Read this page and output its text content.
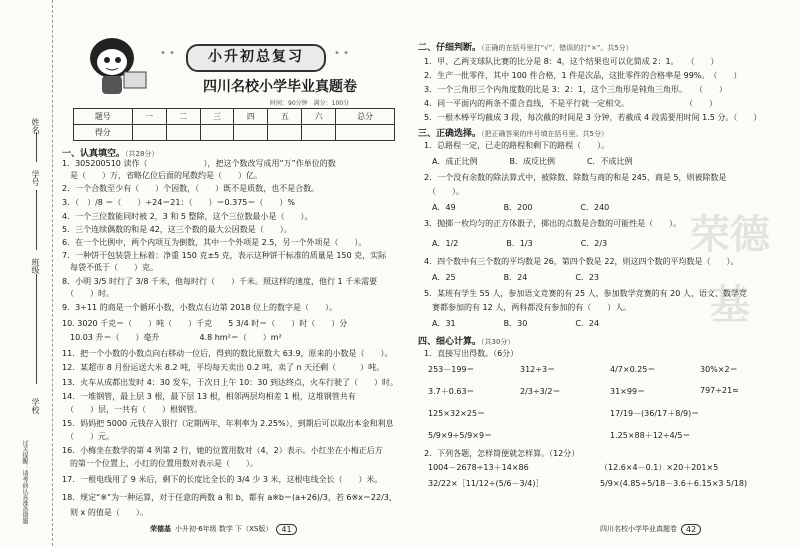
姓名
学号
班级
学校
过关提醒：请考前认真准备错题
• •	• •
小升初总复习
四川名校小学毕业真题卷
时间：90分钟　满分：100分
题号	一	二	三	四	五	六	总分
得分							
一、认真填空。（共28分）
1．305200510 读作（　　　　　　　），把这个数改写成用“万”作单位的数
　是（　　）万，省略亿位后面的尾数约是（　　）亿。
2．一个合数至少有（　　）个因数，（　　）既不是质数，也不是合数。
3．（　）/8 ＝（　　）÷24＝21：（　　）＝0.375＝（　　）%
4．一个三位数能同时被 2，3 和 5 整除，这个三位数最小是（　　）。
5．三个连续偶数的和是 42，这三个数的最大公因数是（　　）。
6．在一个比例中，两个内项互为倒数，其中一个外项是 2.5，另一个外项是（　　）。
7．一种饼干包装袋上标着：净重 150 克±5 克，表示这种饼干标准的质量是 150 克，实际
　每袋不低于（　　）克。
8．小明 3/5 时行了 3/8 千米，他每时行（　　）千米。照这样的速度，他行 1 千米需要
　（　　）时。
9．3÷11 的商是一个循环小数，小数点右边第 2018 位上的数字是（　　）。
10. 3020 千克＝（　　）吨（　　）千克　　5 3/4 时＝（　　）时（　　）分
　10.03 升＝（　　）毫升　　　　　4.8 hm²＝（　　）m²
11．把一个小数的小数点向右移动一位后，得到的数比原数大 63.9，原来的小数是（　　）。
12．某超市 8 月份运送大米 8.2 吨，平均每天卖出 0.2 吨，卖了 n 天还剩（　　　）吨。
13．火车从成都出发时 4：30 发车，于次日上午 10：30 到达终点，火车行驶了（　　）时。
14．一堆钢管，最上层 3 根，最下层 13 根，相邻两层均相差 1 根，这堆钢管共有
　（　　）层，一共有（　　）根钢管。
15．妈妈把 5000 元钱存入银行（定期两年，年利率为 2.25%），到期后可以取出本金和利息
　（　　）元。
16．小梅坐在数学的第 4 列第 2 行，她的位置用数对（4，2）表示。小红坐在小梅正后方
　的第一个位置上，小红的位置用数对表示是（　　）。
17．一根电线用了 9 米后，剩下的长度比全长的 3/4 少 3 米，这根电线全长（　　）米。
18．规定“※”为一种运算，对于任意的两数 a 和 b，都有 a※b＝(a+26)/3，若 6※x＝22/3，
　则 x 的值是（　　）。
荣德基 小升初·6年级 数学 下（XS版）	41
荣德基
二、仔细判断。（正确的在括号里打“√”，错误的打“×”。共5分）
1．甲、乙两支球队比赛的比分是 8：4，这个结果也可以化简成 2：1。　　（　　）
2．生产一批零件，其中 100 件合格，1 件是次品，这批零件的合格率是 99%。　（　　）
3．一个三角形三个内角度数的比是 3：2：1，这个三角形是钝角三角形。　　（　　）
4．同一平面内的两条不重合直线，不是平行就一定相交。　　　　　　　　（　　）
5．一根木棒平均截成 3 段，每次截的时间是 3 分钟，若截成 4 段需要用时间 1.5 分。（　　）
三、正确选择。（把正确答案的序号填在括号里。共5分）
1．总路程一定，已走的路程和剩下的路程（　　）。
　A．成正比例　　　　B．成反比例　　　　C．不成比例
2．一个没有余数的除法算式中，被除数、除数与商的和是 245，商是 5，则被除数是
　（　　）。
　A．49　　　　　　B．200　　　　　　C．240
3．抛掷一枚均匀的正方体骰子，掷出的点数是合数的可能性是（　　）。
　A．1/2　　　　　　B．1/3　　　　　　C．2/3
4．四个数中有三个数的平均数是 26，第四个数是 22，则这四个数的平均数是（　　）。
　A．25　　　　　　B．24　　　　　　C．23
5．某班有学生 55 人，参加语文竞赛的有 25 人，参加数学竞赛的有 20 人，语文、数学竞
　赛都参加的有 12 人，两科都没有参加的有（　　）人。
　A．31　　　　　　B．30　　　　　　C．24
四、细心计算。（共30分）
1．直接写出得数。（6分）
253－199＝	312÷3＝	4/7×0.25＝	30%×2＝
3.7＋0.63＝	2/3÷3/2＝	31×99＝	797÷21≈
125×32×25＝	17/19－(36/17＋8/9)＝
5/9×9÷5/9×9＝	1.25×88＋12÷4/5＝
2．下列各题，怎样简便就怎样算。（12分）
1004－2678÷13＋14×86	（12.6×4－0.1）×20＋201×5
32/22×［11/12÷(5/6－3/4)］	5/9×(4.85÷5/18－3.6＋6.15×3 5/18)
四川名校小学毕业真题卷	42
